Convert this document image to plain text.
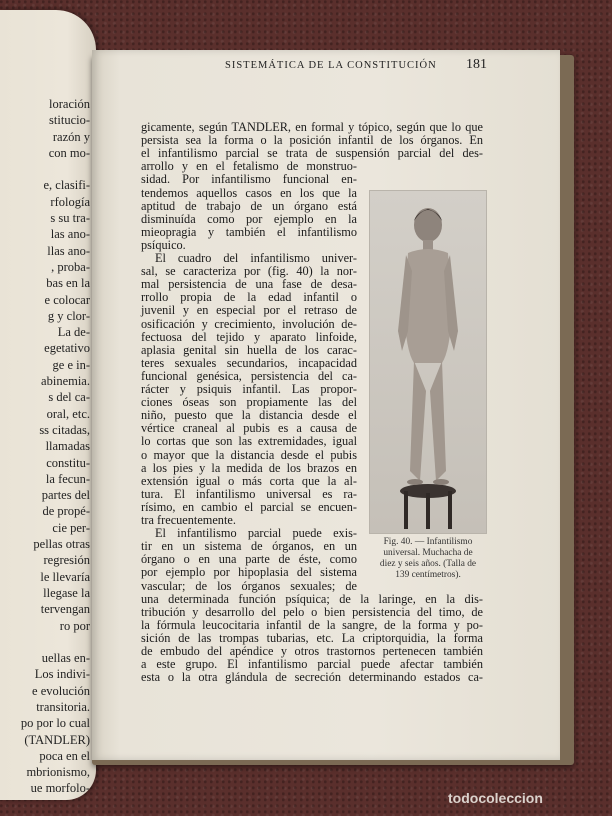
loración
stitucio-
razón y
con mo-

e, clasifi-
rfología
s su tra-
las ano-
llas ano-
, proba-
bas en la
e colocar
g y clor-
La de-
egetativo
ge e in-
abinemia.
s del ca-
oral, etc.
ss citadas,
llamadas
constitu-
la fecun-
partes del
de propé-
cie per-
pellas otras
regresión
le llevaría
llegase la
tervengan
ro por

uellas en-
Los indivi-
e evolución
transitoria.
po por lo cual
(TANDLER)
poca en el
mbrionismo,
ue morfolo-
SISTEMÁTICA DE LA CONSTITUCIÓN 181
gicamente, según TANDLER, en formal y tópico, según que lo que
persista sea la forma o la posición infantil de los órganos. En
el infantilismo parcial se trata de suspensión parcial del des-
arrollo y en el fetalismo de monstruo-
sidad. Por infantilismo funcional en-
tendemos aquellos casos en los que la
aptitud de trabajo de un órgano está
disminuída como por ejemplo en la
mieopragia y también el infantilismo
psíquico.
El cuadro del infantilismo univer-
sal, se caracteriza por (fig. 40) la nor-
mal persistencia de una fase de desa-
rrollo propia de la edad infantil o
juvenil y en especial por el retraso de
osificación y crecimiento, involución de-
fectuosa del tejido y aparato linfoide,
aplasia genital sin huella de los carac-
teres sexuales secundarios, incapacidad
funcional genésica, persistencia del ca-
rácter y psiquis infantil. Las propor-
ciones óseas son propiamente las del
niño, puesto que la distancia desde el
vértice craneal al pubis es a causa de
lo cortas que son las extremidades, igual
o mayor que la distancia desde el pubis
a los pies y la medida de los brazos en
extensión igual o más corta que la al-
tura. El infantilismo universal es ra-
rísimo, en cambio el parcial se encuen-
tra frecuentemente.
El infantilismo parcial puede exis-
tir en un sistema de órganos, en un
órgano o en una parte de éste, como
por ejemplo por hipoplasia del sistema
vascular; de los órganos sexuales; de
una determinada función psíquica; de la laringe, en la dis-
tribución y desarrollo del pelo o bien persistencia del timo, de
la fórmula leucocitaria infantil de la sangre, de la forma y po-
sición de las trompas tubarias, etc. La criptorquidia, la forma
de embudo del apéndice y otros trastornos pertenecen también
a este grupo. El infantilismo parcial puede afectar también
esta o la otra glándula de secreción determinando estados ca-
Fig. 40. — Infantilismo
universal. Muchacha de
diez y seis años. (Talla de
139 centímetros).
todocoleccion
